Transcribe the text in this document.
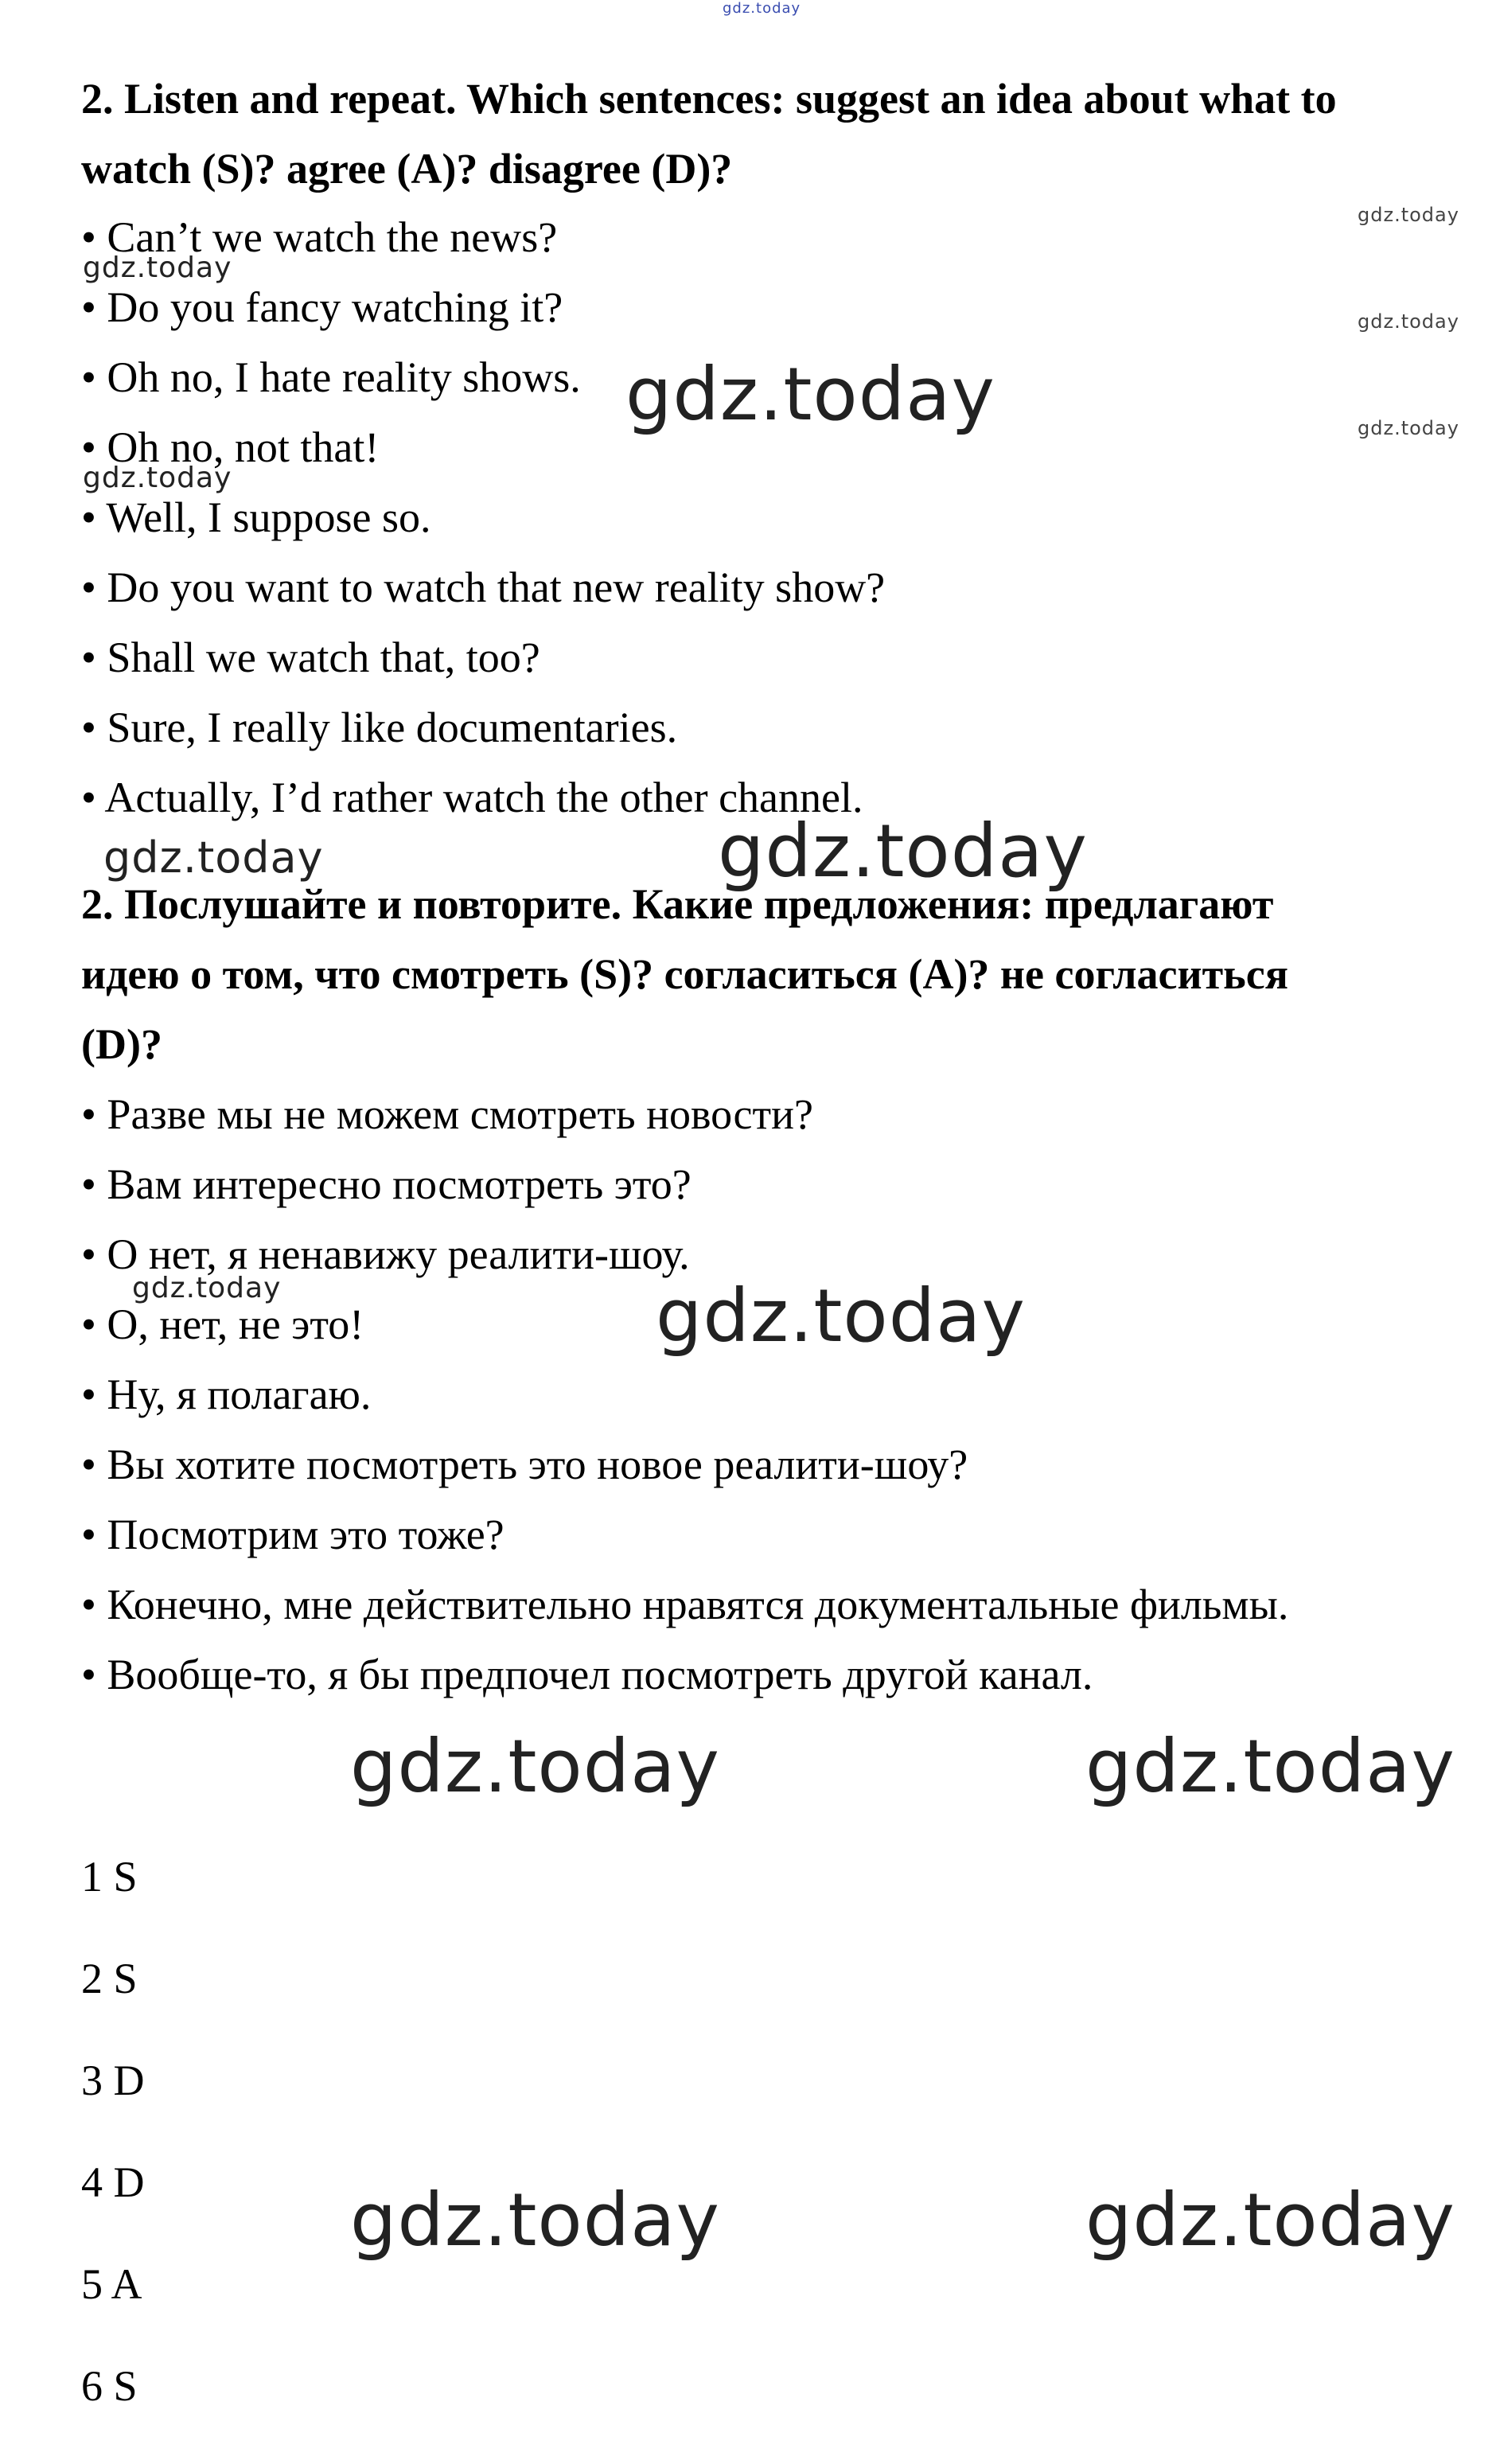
gdz.today
2. Listen and repeat. Which sentences: suggest an idea about what to
watch (S)? agree (A)? disagree (D)?
• Can’t we watch the news?
• Do you fancy watching it?
• Oh no, I hate reality shows.
• Oh no, not that!
• Well, I suppose so.
• Do you want to watch that new reality show?
• Shall we watch that, too?
• Sure, I really like documentaries.
• Actually, I’d rather watch the other channel.
2. Послушайте и повторите. Какие предложения: предлагают
идею о том, что смотреть (S)? согласиться (A)? не согласиться
(D)?
• Разве мы не можем смотреть новости?
• Вам интересно посмотреть это?
• О нет, я ненавижу реалити-шоу.
• О, нет, не это!
• Ну, я полагаю.
• Вы хотите посмотреть это новое реалити-шоу?
• Посмотрим это тоже?
• Конечно, мне действительно нравятся документальные фильмы.
• Вообще-то, я бы предпочел посмотреть другой канал.
1 S
2 S
3 D
4 D
5 A
6 S
gdz.today
gdz.today
gdz.today
gdz.today
gdz.today
gdz.today
gdz.today	gdz.today
gdz.today	gdz.today
gdz.today	gdz.today
gdz.today	gdz.today
